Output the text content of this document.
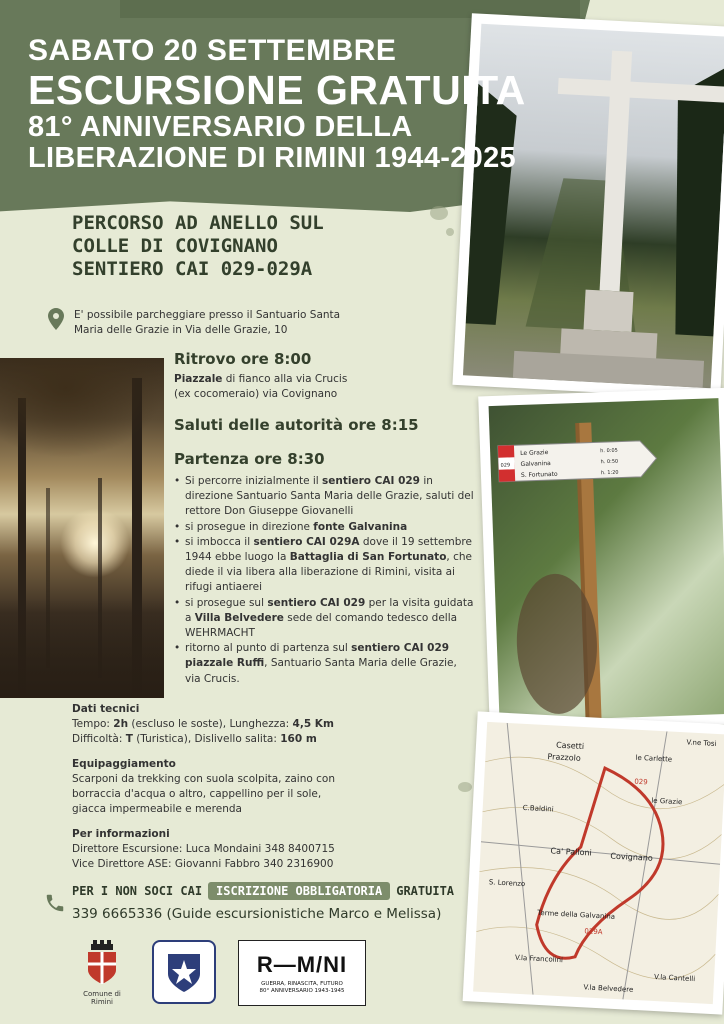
SABATO 20 SETTEMBRE
ESCURSIONE GRATUITA
81° ANNIVERSARIO DELLA
LIBERAZIONE DI RIMINI 1944-2025
PERCORSO AD ANELLO SUL
COLLE DI COVIGNANO
SENTIERO CAI 029-029A
E' possibile parcheggiare presso il Santuario Santa
Maria delle Grazie in Via delle Grazie, 10
Ritrovo ore 8:00
Piazzale di fianco alla via Crucis
(ex cocomeraio) via Covignano
Saluti delle autorità ore 8:15
Partenza ore 8:30
• Si percorre inizialmente il sentiero CAI 029 in direzione Santuario Santa Maria delle Grazie, saluti del rettore Don Giuseppe Giovanelli
• si prosegue in direzione fonte Galvanina
• si imbocca il sentiero CAI 029A dove il 19 settembre 1944 ebbe luogo la Battaglia di San Fortunato, che diede il via libera alla liberazione di Rimini, visita ai rifugi antiaerei
• si prosegue sul sentiero CAI 029 per la visita guidata a Villa Belvedere sede del comando tedesco della WEHRMACHT
• ritorno al punto di partenza sul sentiero CAI 029 piazzale Ruffi, Santuario Santa Maria delle Grazie, via Crucis.
Dati tecnici
Tempo: 2h (escluso le soste), Lunghezza: 4,5 Km
Difficoltà: T (Turistica), Dislivello salita: 160 m
Equipaggiamento
Scarponi da trekking con suola scolpita, zaino con
borraccia d'acqua o altro, cappellino per il sole,
giacca impermeabile e merenda
Per informazioni
Direttore Escursione: Luca Mondaini 348 8400715
Vice Direttore ASE: Giovanni Fabbro 340 2316900
PER I NON SOCI CAI	ISCRIZIONE OBBLIGATORIA	GRATUITA
339 6665336 (Guide escursionistiche Marco e Melissa)
Comune di Rimini
R—M/NI
GUERRA, RINASCITA, FUTURO
80° ANNIVERSARIO 1943-1945
Le Grazie
Galvanina
S. Fortunato
h. 0:05
h. 0:50
h. 1:20
029
Casetti
Prazzolo	le Carlette
le Grazie
C.Baldini
Ca' Palloni Covignano
S. Lorenzo
Terme della Galvanina
V.la Francolini
V.la Belvedere
V.la Cantelli
V.ne Tosi
029
029A
